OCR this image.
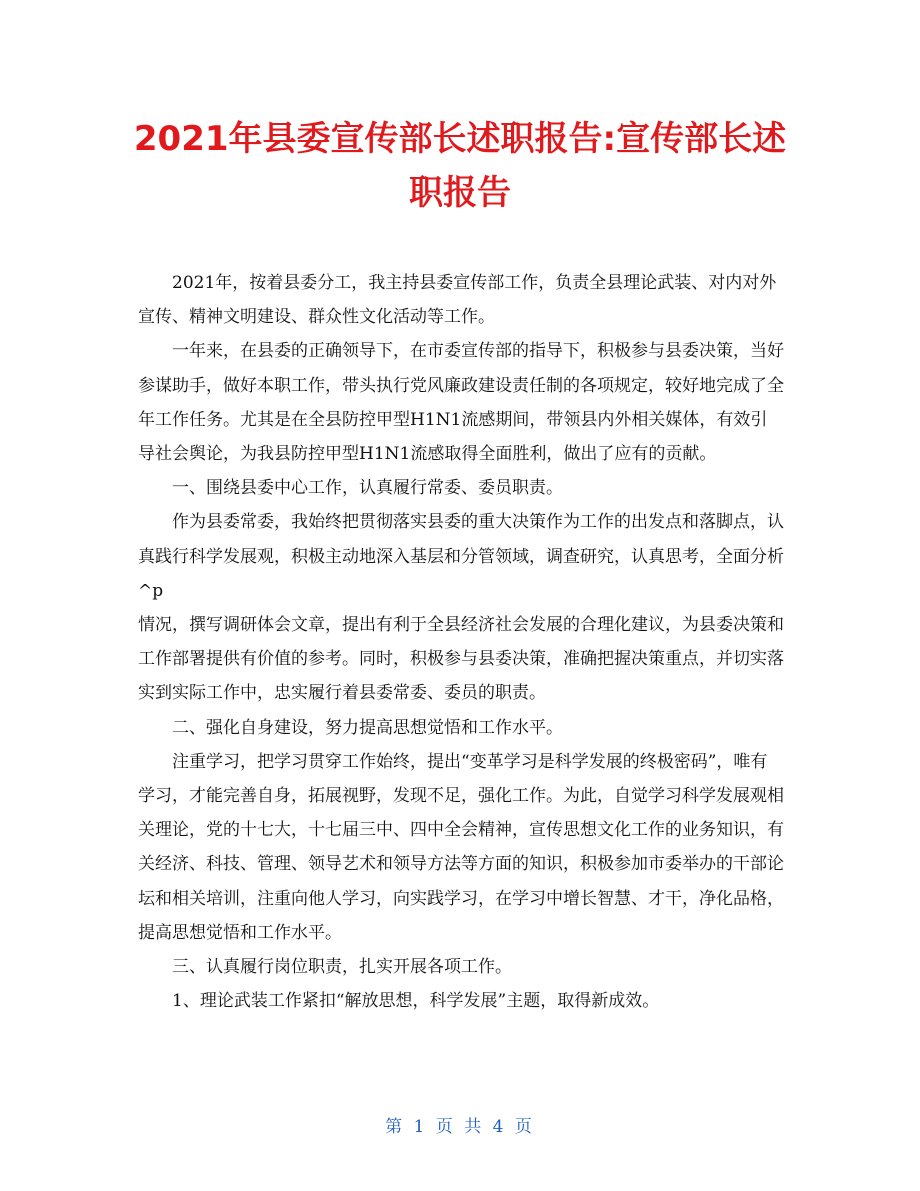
2021年县委宣传部长述职报告:宣传部长述职报告

2021年，按着县委分工，我主持县委宣传部工作，负责全县理论武装、对内对外宣传、精神文明建设、群众性文化活动等工作。

一年来，在县委的正确领导下，在市委宣传部的指导下，积极参与县委决策，当好参谋助手，做好本职工作，带头执行党风廉政建设责任制的各项规定，较好地完成了全年工作任务。尤其是在全县防控甲型H1N1流感期间，带领县内外相关媒体，有效引导社会舆论，为我县防控甲型H1N1流感取得全面胜利，做出了应有的贡献。

一、围绕县委中心工作，认真履行常委、委员职责。

作为县委常委，我始终把贯彻落实县委的重大决策作为工作的出发点和落脚点，认真践行科学发展观，积极主动地深入基层和分管领域，调查研究，认真思考，全面分析^p

情况，撰写调研体会文章，提出有利于全县经济社会发展的合理化建议，为县委决策和工作部署提供有价值的参考。同时，积极参与县委决策，准确把握决策重点，并切实落实到实际工作中，忠实履行着县委常委、委员的职责。

二、强化自身建设，努力提高思想觉悟和工作水平。

注重学习，把学习贯穿工作始终，提出“变革学习是科学发展的终极密码”，唯有学习，才能完善自身，拓展视野，发现不足，强化工作。为此，自觉学习科学发展观相关理论，党的十七大，十七届三中、四中全会精神，宣传思想文化工作的业务知识，有关经济、科技、管理、领导艺术和领导方法等方面的知识，积极参加市委举办的干部论坛和相关培训，注重向他人学习，向实践学习，在学习中增长智慧、才干，净化品格，提高思想觉悟和工作水平。

三、认真履行岗位职责，扎实开展各项工作。

1、理论武装工作紧扣“解放思想，科学发展”主题，取得新成效。

第 1 页 共 4 页
